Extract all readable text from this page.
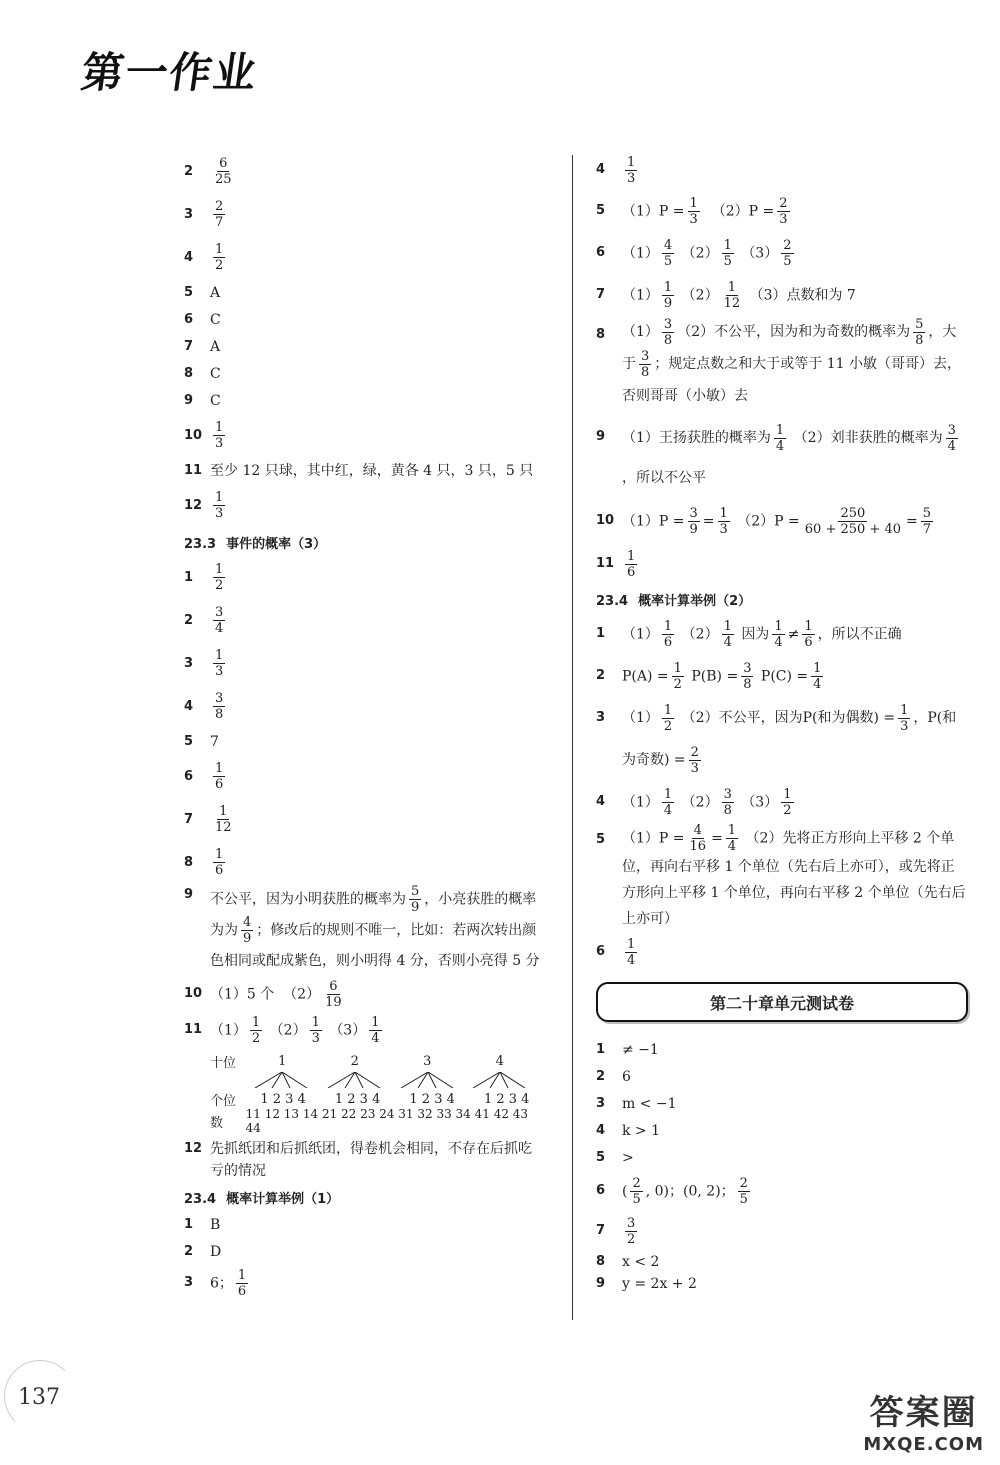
第一作业
2	$\frac{6}{25}$
3	$\frac{2}{7}$
4	$\frac{1}{2}$
5	A
6	C
7	A
8	C
9	C
$10 \frac{1}{3}$
11 至少 12 只球，其中红，绿，黄各 4 只，3 只，5 只
$12 \frac{1}{3}$
23.3 事件的概率（3）
1	$\frac{1}{2}$
2	$\frac{3}{4}$
3	$\frac{1}{3}$
4	$\frac{3}{8}$
5	7
6	$\frac{1}{6}$
7	$\frac{1}{12}$
8	$\frac{1}{6}$
9	不公平，因为小明获胜的概率为 $\frac{5}{9}$ ，小亮获胜的概率为为 $\frac{4}{9}$ ；修改后的规则不唯一，比如：若两次转出颜色相同或配成紫色，则小明得 4 分，否则小亮得 5 分
10 （1）5 个 $(2) \frac{6}{19}$
11 $(1) \frac{1}{2} (2) \frac{1}{3} (3) \frac{1}{4}$
十位	1	2	3	4
个位	1 2 3 4 1 2 3 4 1 2 3 4 1 2 3 4
数
11 12 13 14 21 22 23 24 31 32 33 34 41 42 43 44
12 先抓纸团和后抓纸团，得卷机会相同，不存在后抓吃亏的情况
23.4 概率计算举例（1）
1	B
2	D
3	6； $\frac{1}{6}$
4	$\frac{1}{3}$
5	$(1)P = \frac{1}{3} (2)P = \frac{2}{3}$
6	$(1) \frac{4}{5} (2) \frac{1}{5} (3) \frac{2}{5}$
7	$(1) \frac{1}{9} (2) \frac{1}{12} (3)$点数和为 7
8	$(1) \frac{3}{8} (2)$不公平，因为和为奇数的概率为 $\frac{5}{8}$ ，大于 $\frac{3}{8}$ ；规定点数之和大于或等于 11 小敏（哥哥）去，否则哥哥（小敏）去
9	（1）王扬获胜的概率为 $\frac{1}{4} (2)$刘非获胜的概率为 $\frac{3}{4}$
，所以不公平
10 $(1)P = \frac{3}{9} = \frac{1}{3} (2)P = \frac{250}{60 + 250 + 40} = \frac{5}{7}$
$11 \frac{1}{6}$
23.4 概率计算举例（2）
1	$(1) \frac{1}{6} (2) \frac{1}{4}$ 因为 $\frac{1}{4} \ne \frac{1}{6}$ ，所以不正确
2	$P(A) = \frac{1}{2} P(B) = \frac{3}{8} P(C) = \frac{1}{4}$
3	$(1) \frac{1}{2} (2)$不公平，因为P(和为偶数) = $\frac{1}{3}$ ，P(和为奇数) = $\frac{2}{3}$
4	$(1) \frac{1}{4} (2) \frac{3}{8} (3) \frac{1}{2}$
5	$(1)P = \frac{4}{16} = \frac{1}{4} (2)$先将正方形向上平移 2 个单位，再向右平移 1 个单位（先右后上亦可），或先将正方形向上平移 1 个单位，再向右平移 2 个单位（先右后上亦可）
6	$\frac{1}{4}$
第二十章单元测试卷
1	≠ −1
2	6
3	m < −1
4	k > 1
5	>
6	( $\frac{2}{5}$ , 0)；(0, 2)； $\frac{2}{5}$
7	$\frac{3}{2}$
8	x < 2
9	y = 2x + 2
137	答案圈
MXQE.COM
